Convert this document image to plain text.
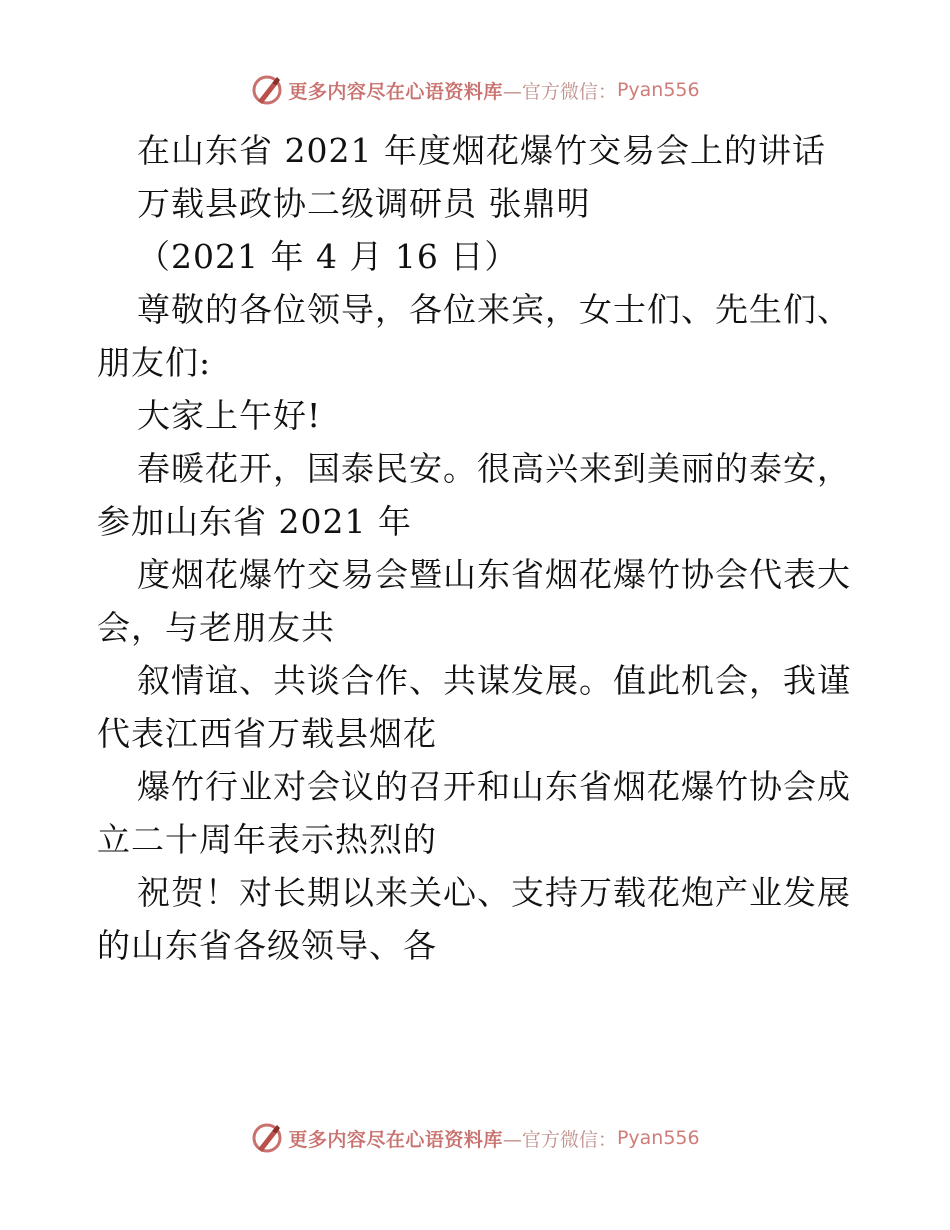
更多内容尽在心语资料库 —官方微信： Pyan556
在山东省 2021 年度烟花爆竹交易会上的讲话
万载县政协二级调研员 张鼎明
（2021 年 4 月 16 日）
尊敬的各位领导，各位来宾，女士们、先生们、
朋友们:
大家上午好!
春暖花开，国泰民安。很高兴来到美丽的泰安，
参加山东省 2021 年
度烟花爆竹交易会暨山东省烟花爆竹协会代表大
会，与老朋友共
叙情谊、共谈合作、共谋发展。值此机会，我谨
代表江西省万载县烟花
爆竹行业对会议的召开和山东省烟花爆竹协会成
立二十周年表示热烈的
祝贺！对长期以来关心、支持万载花炮产业发展
的山东省各级领导、各
更多内容尽在心语资料库 —官方微信： Pyan556
